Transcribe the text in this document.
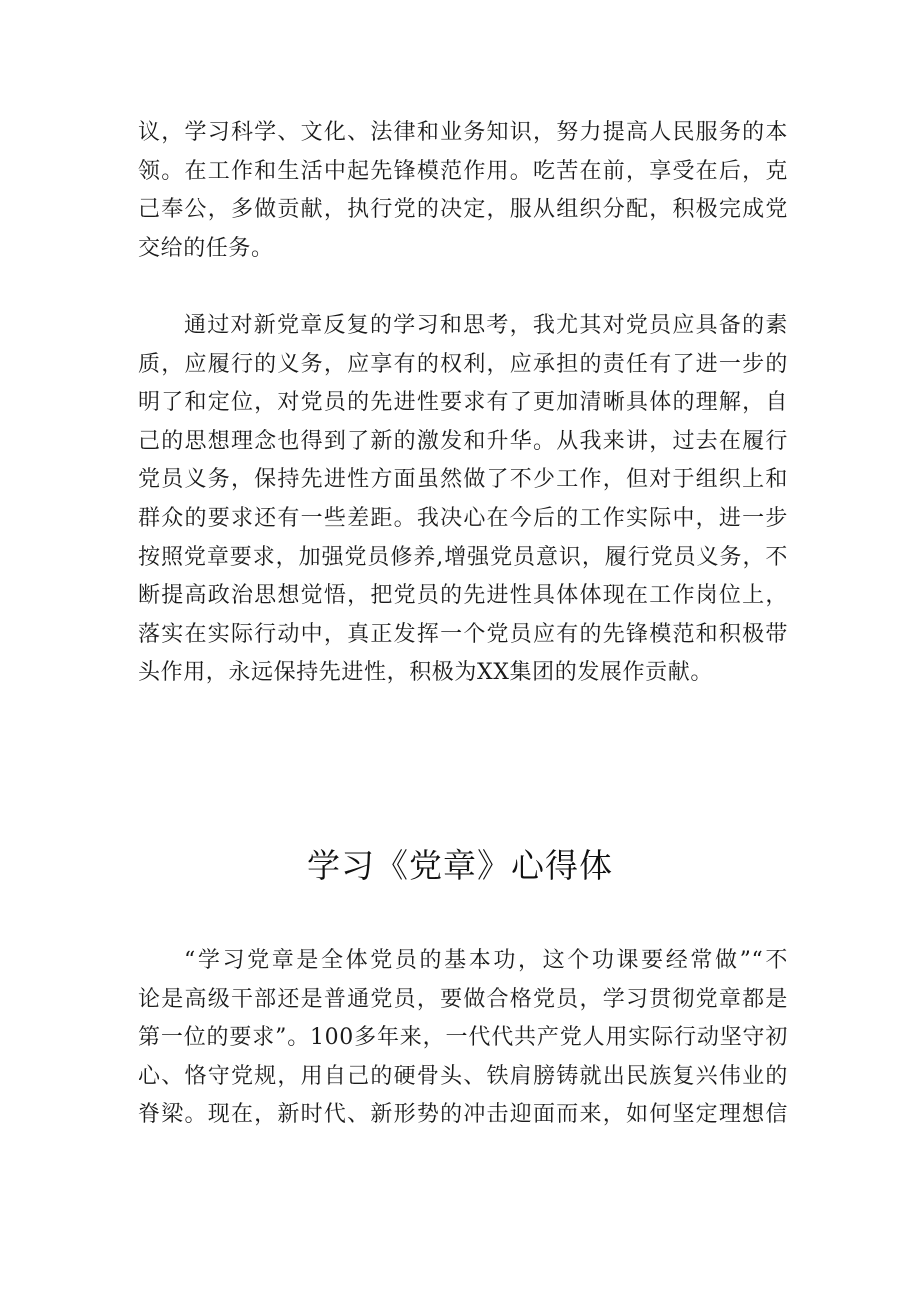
议，学习科学、文化、法律和业务知识，努力提高人民服务的本
领。在工作和生活中起先锋模范作用。吃苦在前，享受在后，克
己奉公，多做贡献，执行党的决定，服从组织分配，积极完成党
交给的任务。
通过对新党章反复的学习和思考，我尤其对党员应具备的素
质，应履行的义务，应享有的权利，应承担的责任有了进一步的
明了和定位，对党员的先进性要求有了更加清晰具体的理解，自
己的思想理念也得到了新的激发和升华。从我来讲，过去在履行
党员义务，保持先进性方面虽然做了不少工作，但对于组织上和
群众的要求还有一些差距。我决心在今后的工作实际中，进一步
按照党章要求，加强党员修养,增强党员意识，履行党员义务，不
断提高政治思想觉悟，把党员的先进性具体体现在工作岗位上，
落实在实际行动中，真正发挥一个党员应有的先锋模范和积极带
头作用，永远保持先进性，积极为XX集团的发展作贡献。
学习《党章》心得体
“学习党章是全体党员的基本功，这个功课要经常做”“不
论是高级干部还是普通党员，要做合格党员，学习贯彻党章都是
第一位的要求”。100多年来，一代代共产党人用实际行动坚守初
心、恪守党规，用自己的硬骨头、铁肩膀铸就出民族复兴伟业的
脊梁。现在，新时代、新形势的冲击迎面而来，如何坚定理想信
